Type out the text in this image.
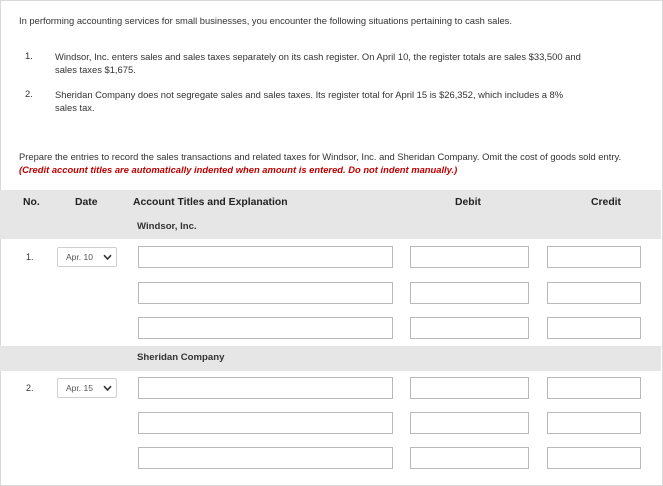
In performing accounting services for small businesses, you encounter the following situations pertaining to cash sales.
1. Windsor, Inc. enters sales and sales taxes separately on its cash register. On April 10, the register totals are sales $33,500 and
sales taxes $1,675.
2. Sheridan Company does not segregate sales and sales taxes. Its register total for April 15 is $26,352, which includes a 8%
sales tax.
Prepare the entries to record the sales transactions and related taxes for Windsor, Inc. and Sheridan Company. Omit the cost of goods sold entry. (Credit account titles are automatically indented when amount is entered. Do not indent manually.)
No.	Date	Account Titles and Explanation	Debit	Credit
Windsor, Inc.
1.	Apr. 10
Sheridan Company
2.	Apr. 15
